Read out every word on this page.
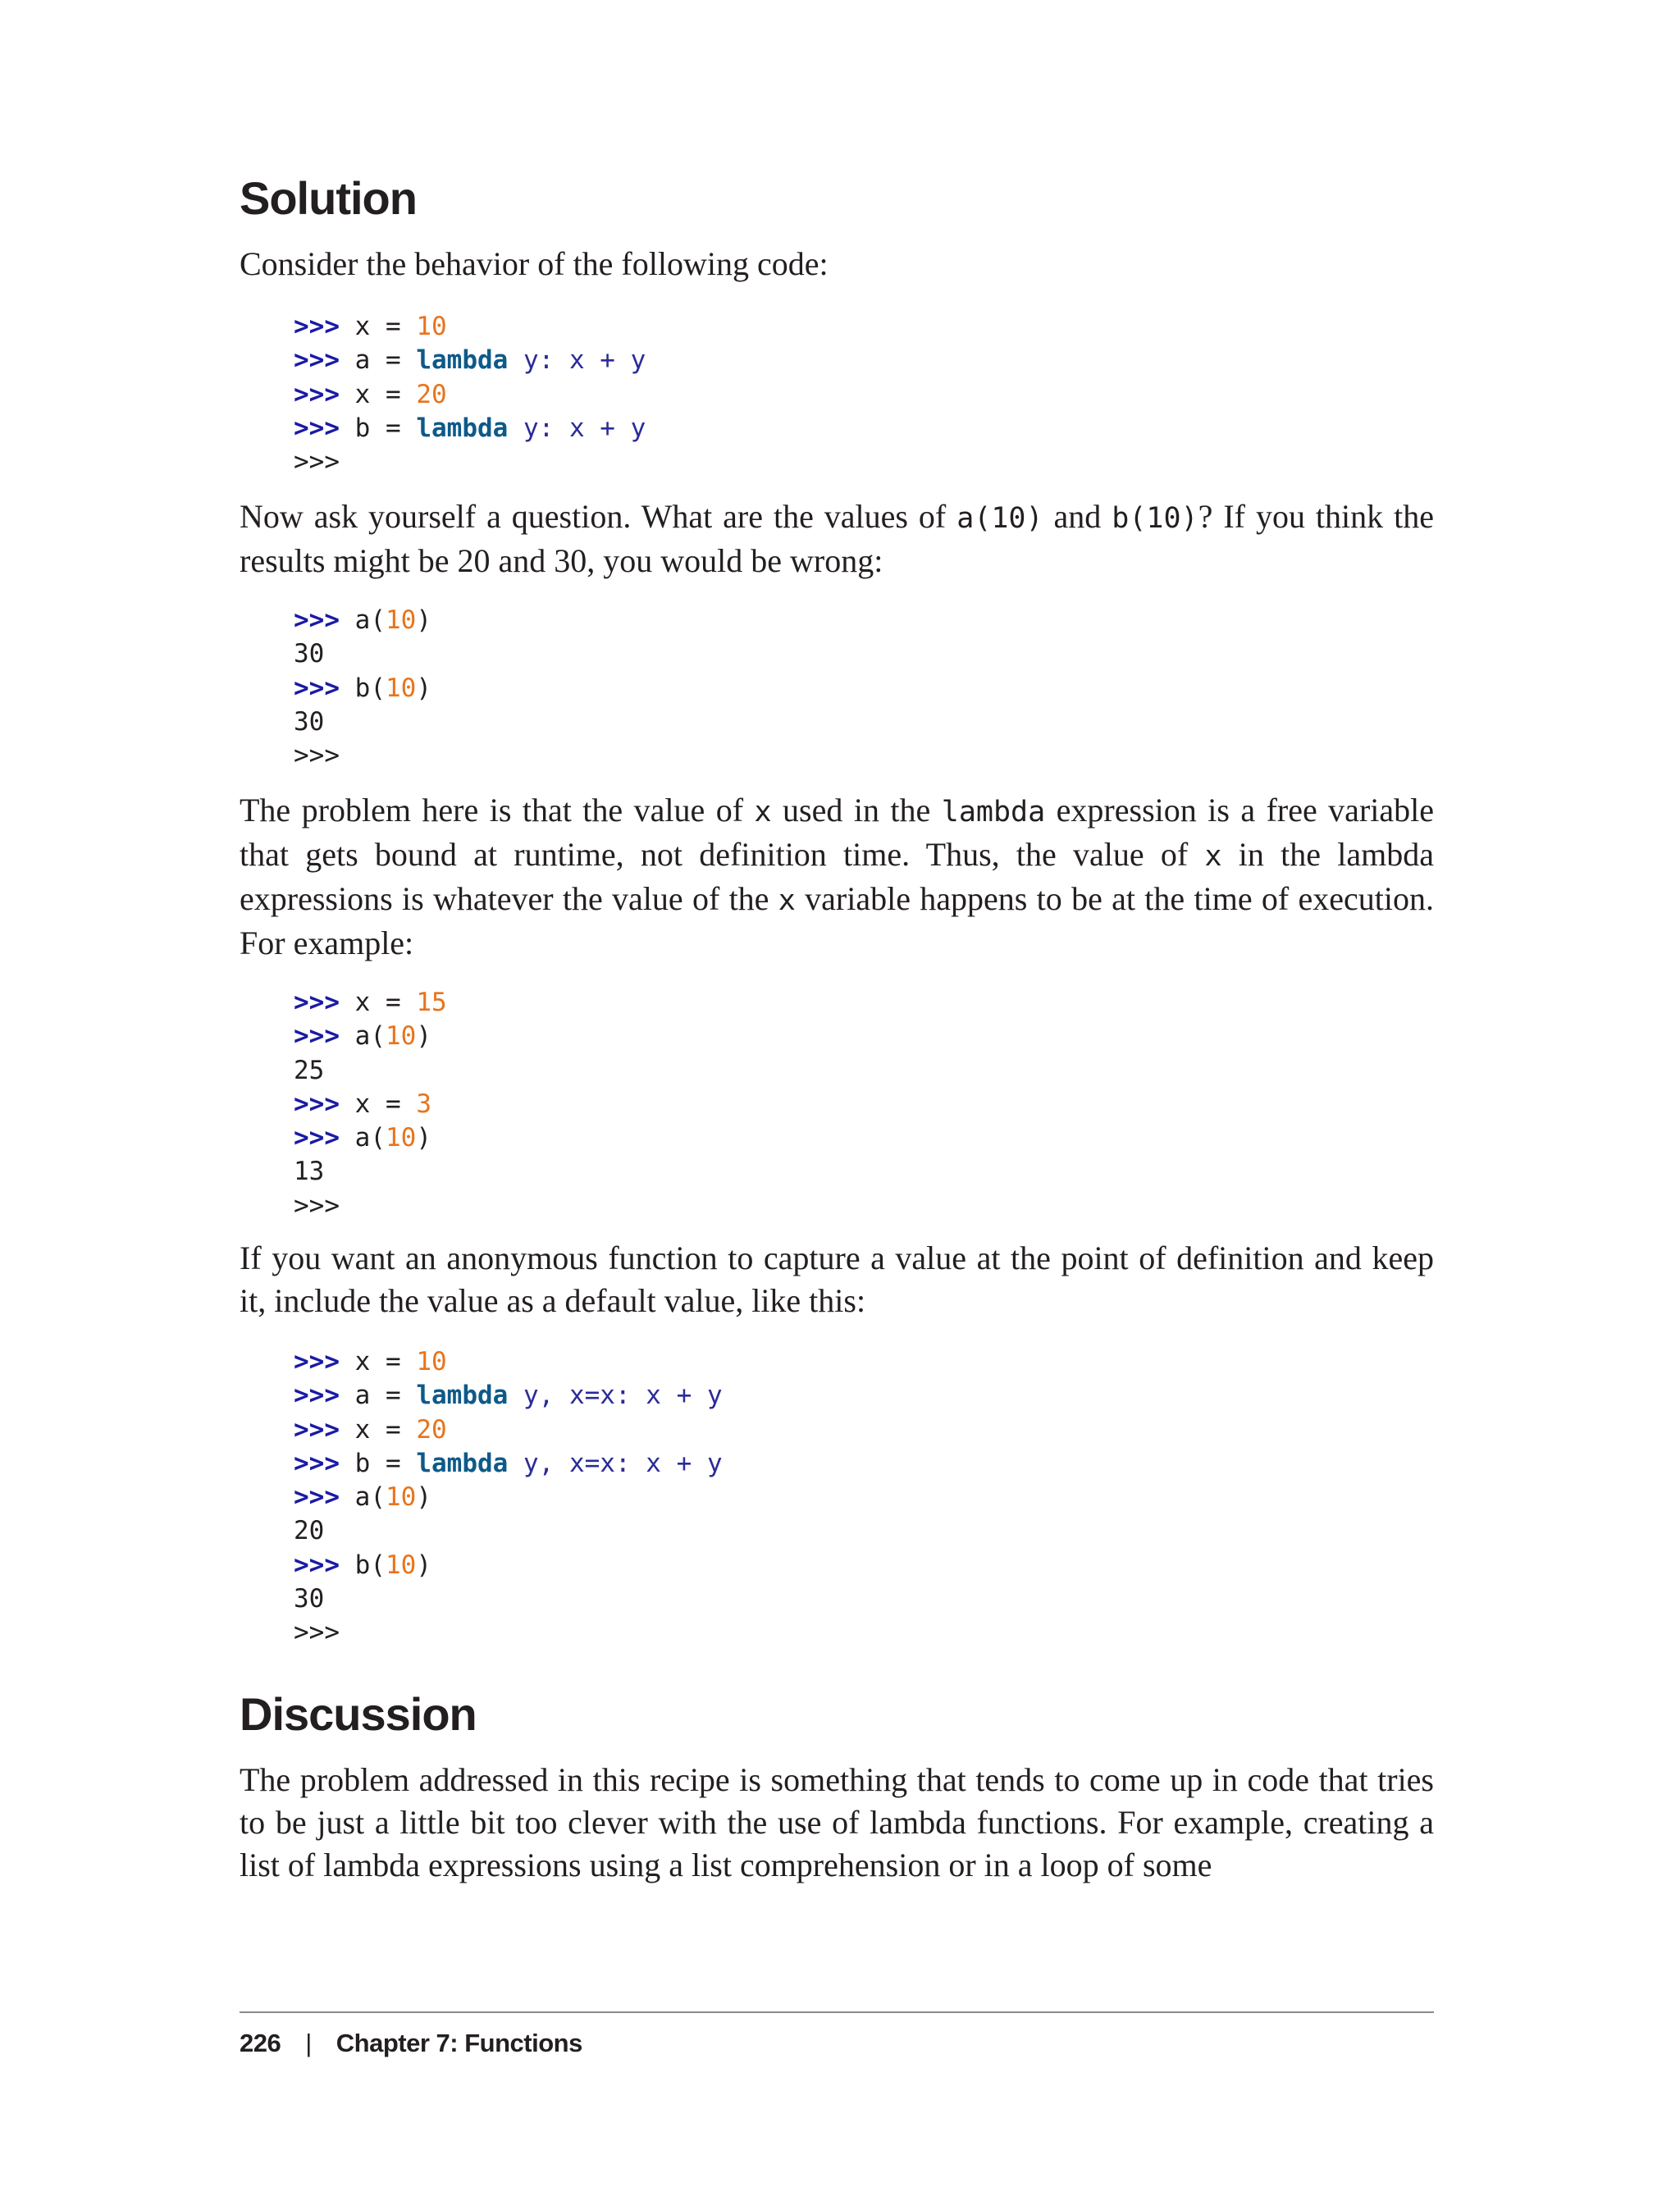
Solution

Consider the behavior of the following code:

>>> x = 10
>>> a = lambda y: x + y
>>> x = 20
>>> b = lambda y: x + y
>>>

Now ask yourself a question. What are the values of a(10) and b(10)? If you think the results might be 20 and 30, you would be wrong:

>>> a(10)
30
>>> b(10)
30
>>>

The problem here is that the value of x used in the lambda expression is a free variable that gets bound at runtime, not definition time. Thus, the value of x in the lambda expressions is whatever the value of the x variable happens to be at the time of execution. For example:

>>> x = 15
>>> a(10)
25
>>> x = 3
>>> a(10)
13
>>>

If you want an anonymous function to capture a value at the point of definition and keep it, include the value as a default value, like this:

>>> x = 10
>>> a = lambda y, x=x: x + y
>>> x = 20
>>> b = lambda y, x=x: x + y
>>> a(10)
20
>>> b(10)
30
>>>
Discussion

The problem addressed in this recipe is something that tends to come up in code that tries to be just a little bit too clever with the use of lambda functions. For example, creating a list of lambda expressions using a list comprehension or in a loop of some

226 | Chapter 7: Functions
